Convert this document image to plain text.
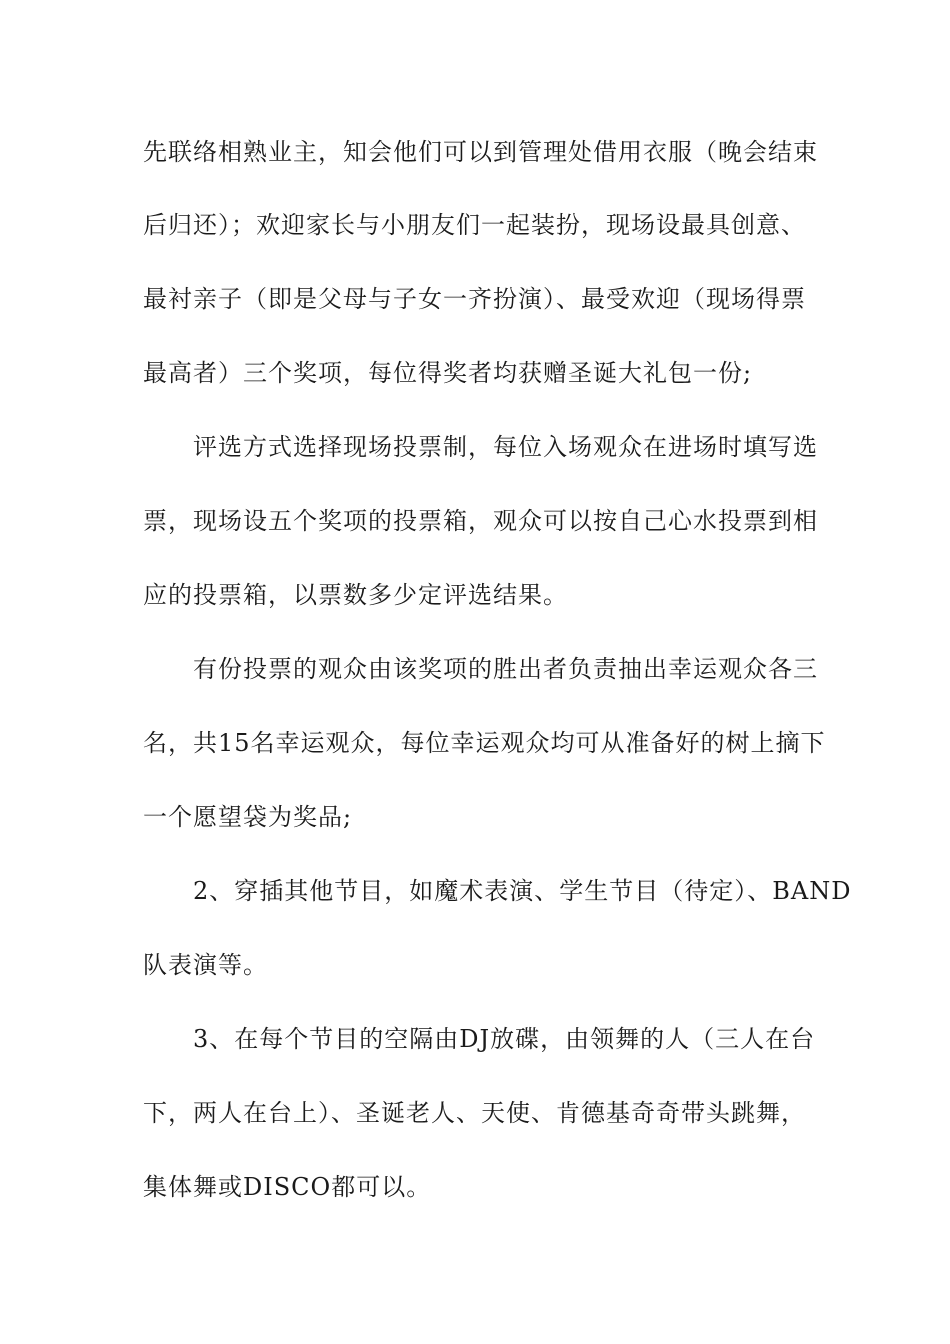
先联络相熟业主，知会他们可以到管理处借用衣服（晚会结束

后归还）；欢迎家长与小朋友们一起装扮，现场设最具创意、

最衬亲子（即是父母与子女一齐扮演）、最受欢迎（现场得票

最高者）三个奖项，每位得奖者均获赠圣诞大礼包一份;

评选方式选择现场投票制，每位入场观众在进场时填写选

票，现场设五个奖项的投票箱，观众可以按自己心水投票到相

应的投票箱，以票数多少定评选结果。

有份投票的观众由该奖项的胜出者负责抽出幸运观众各三

名，共15名幸运观众，每位幸运观众均可从准备好的树上摘下

一个愿望袋为奖品;

2、穿插其他节目，如魔术表演、学生节目（待定）、BAND

队表演等。

3、在每个节目的空隔由DJ放碟，由领舞的人（三人在台

下，两人在台上）、圣诞老人、天使、肯德基奇奇带头跳舞，

集体舞或DISCO都可以。
